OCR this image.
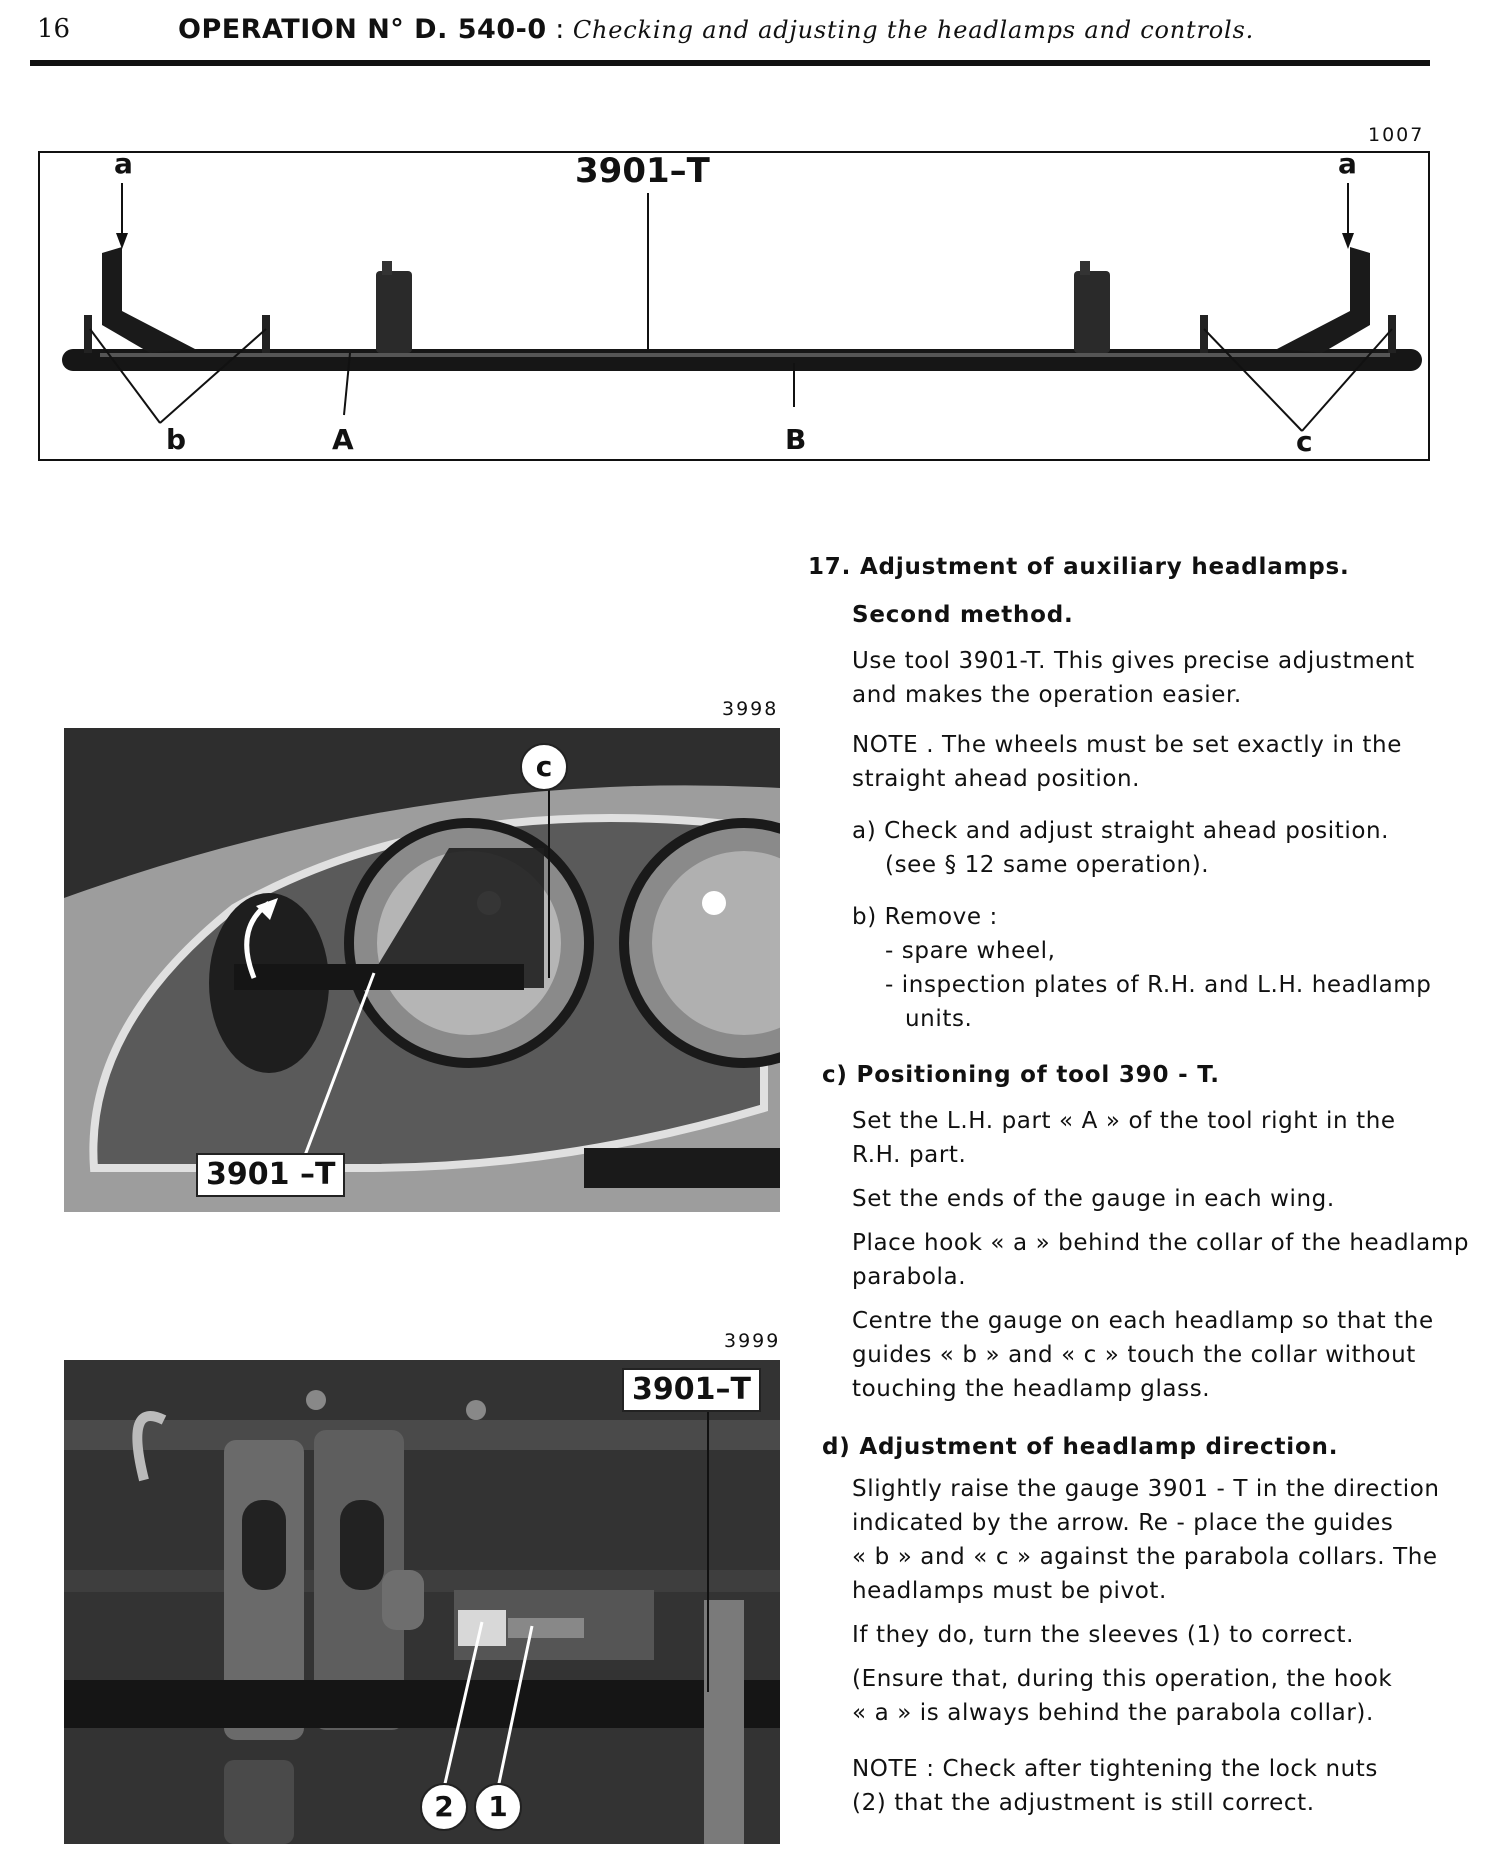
16	OPERATION N° D. 540-0 : Checking and adjusting the headlamps and controls.
1007
a	a
3901–T
b	A	B	c
3998
c
3901 –T
3999
3901–T
2	1

17. Adjustment of auxiliary headlamps.

Second method.

Use tool 3901-T. This gives precise adjustment

and makes the operation easier.

NOTE . The wheels must be set exactly in the

straight ahead position.

a) Check and adjust straight ahead position.

(see § 12 same operation).

b) Remove :

- spare wheel,

- inspection plates of R.H. and L.H. headlamp

units.

c) Positioning of tool 390 - T.

Set the L.H. part « A » of the tool right in the

R.H. part.

Set the ends of the gauge in each wing.

Place hook « a » behind the collar of the headlamp

parabola.

Centre the gauge on each headlamp so that the

guides « b » and « c » touch the collar without

touching the headlamp glass.

d) Adjustment of headlamp direction.

Slightly raise the gauge 3901 - T in the direction

indicated by the arrow. Re - place the guides

« b » and « c » against the parabola collars. The

headlamps must be pivot.

If they do, turn the sleeves (1) to correct.

(Ensure that, during this operation, the hook

« a » is always behind the parabola collar).

NOTE : Check after tightening the lock nuts

(2) that the adjustment is still correct.
